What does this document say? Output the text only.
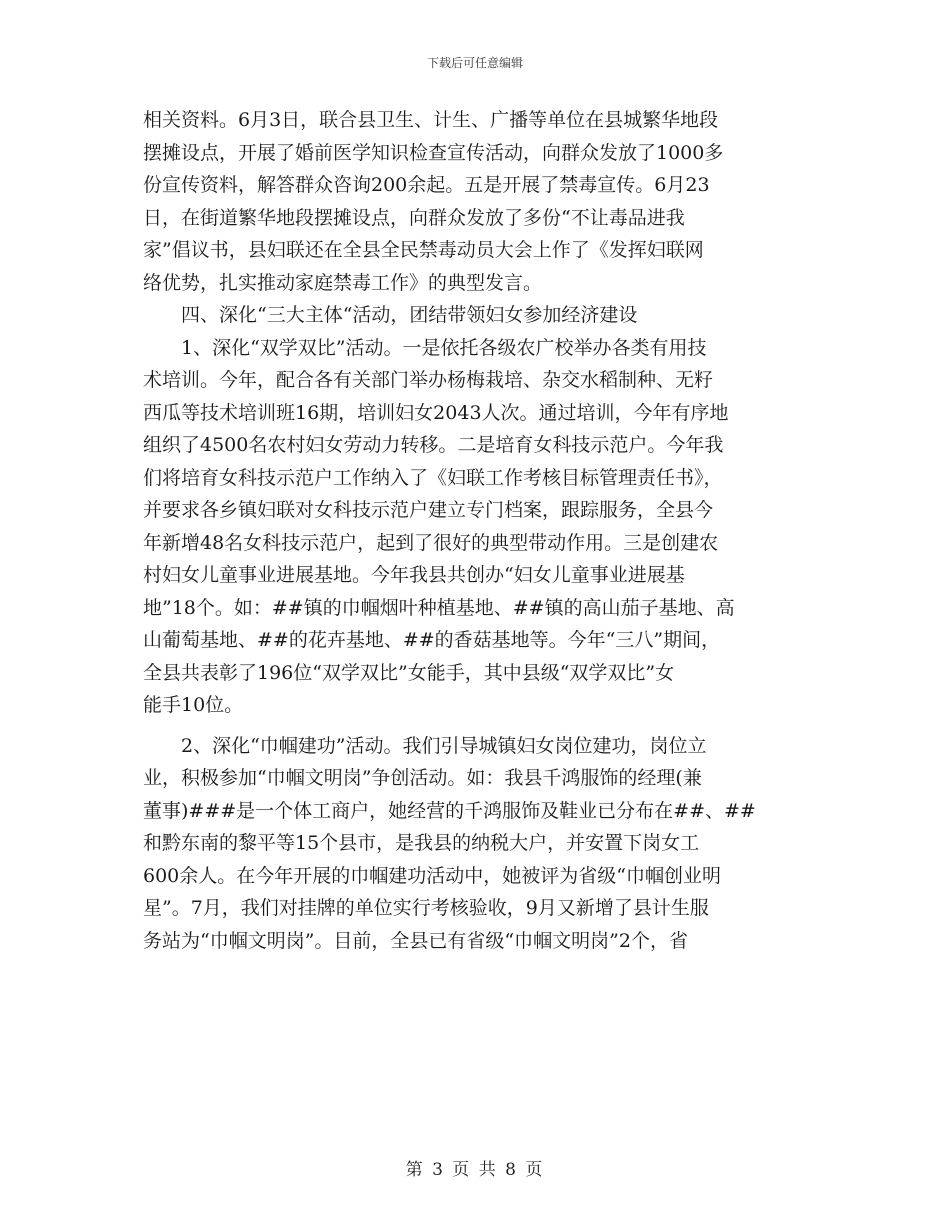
下载后可任意编辑
相关资料。6月3日，联合县卫生、计生、广播等单位在县城繁华地段
摆摊设点，开展了婚前医学知识检查宣传活动，向群众发放了1000多
份宣传资料，解答群众咨询200余起。五是开展了禁毒宣传。6月23
日，在街道繁华地段摆摊设点，向群众发放了多份“不让毒品进我
家”倡议书，县妇联还在全县全民禁毒动员大会上作了《发挥妇联网
络优势，扎实推动家庭禁毒工作》的典型发言。
四、深化“三大主体“活动，团结带领妇女参加经济建设
1、深化“双学双比”活动。一是依托各级农广校举办各类有用技
术培训。今年，配合各有关部门举办杨梅栽培、杂交水稻制种、无籽
西瓜等技术培训班16期，培训妇女2043人次。通过培训，今年有序地
组织了4500名农村妇女劳动力转移。二是培育女科技示范户。今年我
们将培育女科技示范户工作纳入了《妇联工作考核目标管理责任书》，
并要求各乡镇妇联对女科技示范户建立专门档案，跟踪服务，全县今
年新增48名女科技示范户，起到了很好的典型带动作用。三是创建农
村妇女儿童事业进展基地。今年我县共创办“妇女儿童事业进展基
地”18个。如：##镇的巾帼烟叶种植基地、##镇的高山茄子基地、高
山葡萄基地、##的花卉基地、##的香菇基地等。今年“三八”期间，
全县共表彰了196位“双学双比”女能手，其中县级“双学双比”女
能手10位。
2、深化“巾帼建功”活动。我们引导城镇妇女岗位建功，岗位立
业，积极参加“巾帼文明岗”争创活动。如：我县千鸿服饰的经理(兼
董事)###是一个体工商户，她经营的千鸿服饰及鞋业已分布在##、##
和黔东南的黎平等15个县市，是我县的纳税大户，并安置下岗女工
600余人。在今年开展的巾帼建功活动中，她被评为省级“巾帼创业明
星”。7月，我们对挂牌的单位实行考核验收，9月又新增了县计生服
务站为“巾帼文明岗”。目前，全县已有省级“巾帼文明岗”2个，省
第 3 页 共 8 页
